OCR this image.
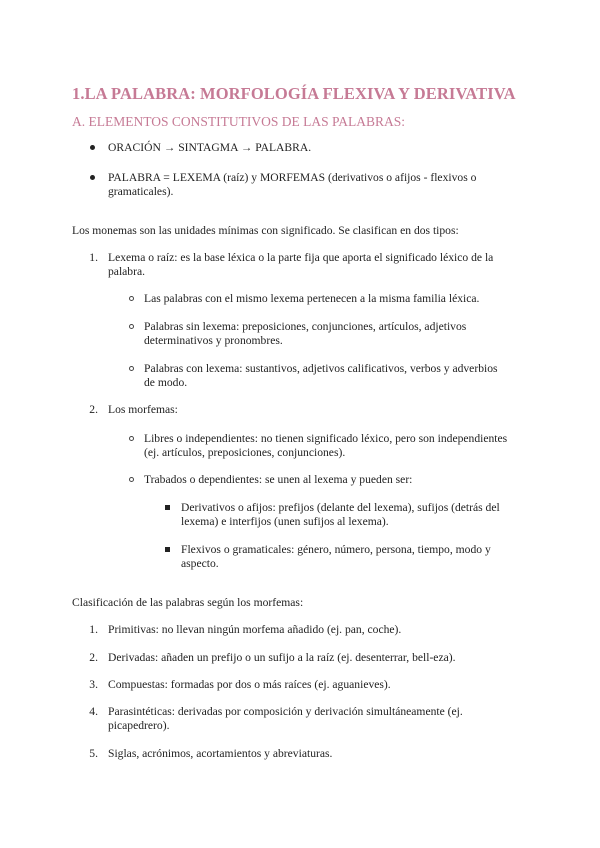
1.LA PALABRA: MORFOLOGÍA FLEXIVA Y DERIVATIVA
A. ELEMENTOS CONSTITUTIVOS DE LAS PALABRAS:
ORACIÓN → SINTAGMA → PALABRA.
PALABRA = LEXEMA (raíz) y MORFEMAS (derivativos o afijos - flexivos o
gramaticales).
Los monemas son las unidades mínimas con significado. Se clasifican en dos tipos:
1. Lexema o raíz: es la base léxica o la parte fija que aporta el significado léxico de la
palabra.
Las palabras con el mismo lexema pertenecen a la misma familia léxica.
Palabras sin lexema: preposiciones, conjunciones, artículos, adjetivos
determinativos y pronombres.
Palabras con lexema: sustantivos, adjetivos calificativos, verbos y adverbios
de modo.
2. Los morfemas:
Libres o independientes: no tienen significado léxico, pero son independientes
(ej. artículos, preposiciones, conjunciones).
Trabados o dependientes: se unen al lexema y pueden ser:
Derivativos o afijos: prefijos (delante del lexema), sufijos (detrás del
lexema) e interfijos (unen sufijos al lexema).
Flexivos o gramaticales: género, número, persona, tiempo, modo y
aspecto.
Clasificación de las palabras según los morfemas:
1. Primitivas: no llevan ningún morfema añadido (ej. pan, coche).
2. Derivadas: añaden un prefijo o un sufijo a la raíz (ej. desenterrar, bell-eza).
3. Compuestas: formadas por dos o más raíces (ej. aguanieves).
4. Parasintéticas: derivadas por composición y derivación simultáneamente (ej.
picapedrero).
5. Siglas, acrónimos, acortamientos y abreviaturas.
